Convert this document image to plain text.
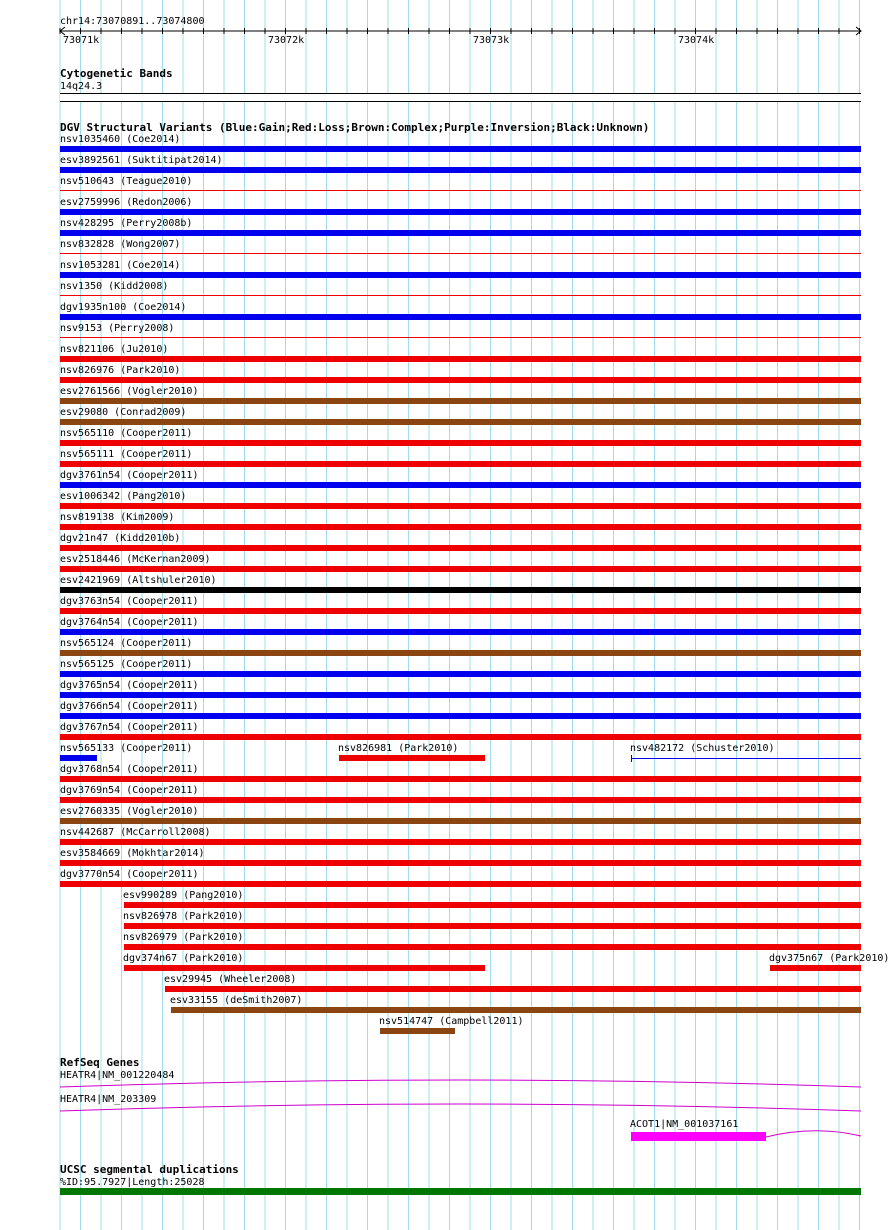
chr14:73070891..73074800
73071k	73072k	73073k	73074k
Cytogenetic Bands
14q24.3
DGV Structural Variants (Blue:Gain;Red:Loss;Brown:Complex;Purple:Inversion;Black:Unknown)
nsv1035460 (Coe2014)
esv3892561 (Suktitipat2014)
nsv510643 (Teague2010)
esv2759996 (Redon2006)
nsv428295 (Perry2008b)
nsv832828 (Wong2007)
nsv1053281 (Coe2014)
nsv1350 (Kidd2008)
dgv1935n100 (Coe2014)
nsv9153 (Perry2008)
nsv821106 (Ju2010)
nsv826976 (Park2010)
esv2761566 (Vogler2010)
esv29080 (Conrad2009)
nsv565110 (Cooper2011)
nsv565111 (Cooper2011)
dgv3761n54 (Cooper2011)
esv1006342 (Pang2010)
nsv819138 (Kim2009)
dgv21n47 (Kidd2010b)
esv2518446 (McKernan2009)
esv2421969 (Altshuler2010)
dgv3763n54 (Cooper2011)
dgv3764n54 (Cooper2011)
nsv565124 (Cooper2011)
nsv565125 (Cooper2011)
dgv3765n54 (Cooper2011)
dgv3766n54 (Cooper2011)
dgv3767n54 (Cooper2011)
nsv565133 (Cooper2011)	nsv826981 (Park2010)	nsv482172 (Schuster2010)
dgv3768n54 (Cooper2011)
dgv3769n54 (Cooper2011)
esv2760335 (Vogler2010)
nsv442687 (McCarroll2008)
esv3584669 (Mokhtar2014)
dgv3770n54 (Cooper2011)
esv990289 (Pang2010)
nsv826978 (Park2010)
nsv826979 (Park2010)
dgv374n67 (Park2010)	dgv375n67 (Park2010)
esv29945 (Wheeler2008)
esv33155 (deSmith2007)
nsv514747 (Campbell2011)
RefSeq Genes
HEATR4|NM_001220484
HEATR4|NM_203309
ACOT1|NM_001037161
UCSC segmental duplications
%ID:95.7927|Length:25028
